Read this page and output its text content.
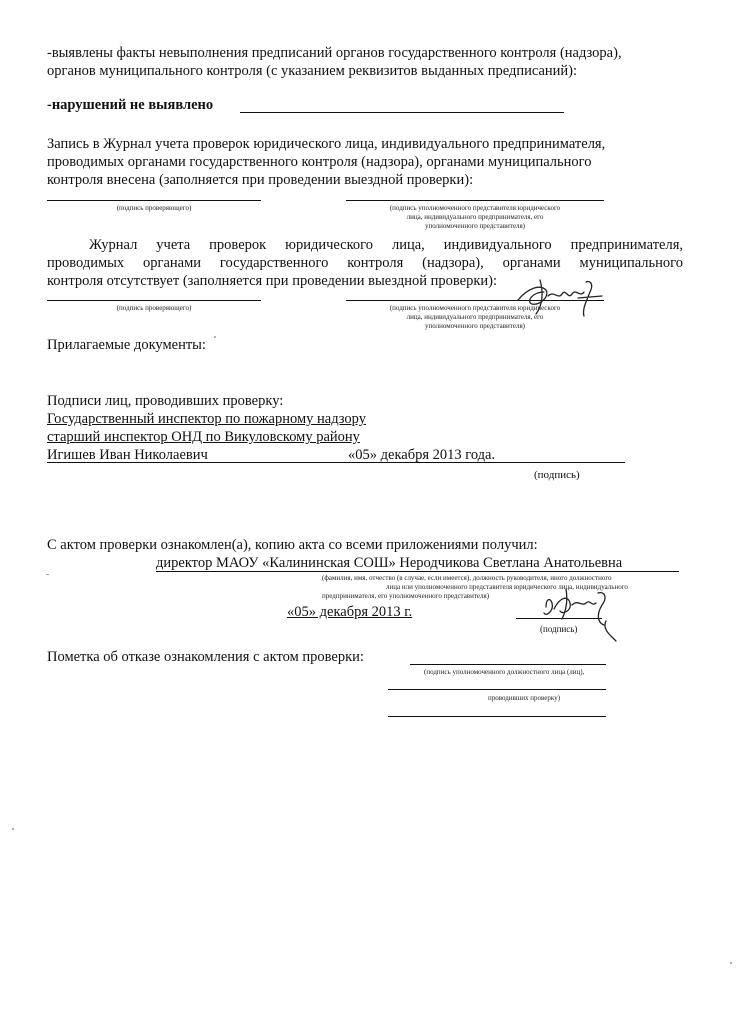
-выявлены факты невыполнения предписаний органов государственного контроля (надзора),
органов муниципального контроля (с указанием реквизитов выданных предписаний):
-нарушений не выявлено
Запись в Журнал учета проверок юридического лица, индивидуального предпринимателя,
проводимых органами государственного контроля (надзора), органами муниципального
контроля внесена (заполняется при проведении выездной проверки):
(подпись проверяющего)	(подпись уполномоченного представителя юридического
лица, индивидуального предпринимателя, его
уполномоченного представителя)
Журнал учета проверок юридического лица, индивидуального предпринимателя,
проводимых органами государственного контроля (надзора), органами муниципального
контроля отсутствует (заполняется при проведении выездной проверки):
(подпись проверяющего)	(подпись уполномоченного представителя юридического
лица, индивидуального предпринимателя, его
уполномоченного представителя)
Прилагаемые документы:
Подписи лиц, проводивших проверку:
Государственный инспектор по пожарному надзору
старший инспектор ОНД по Викуловскому району
Игишев Иван Николаевич	«05» декабря 2013 года.
(подпись)
С актом проверки ознакомлен(а), копию акта со всеми приложениями получил:
директор МАОУ «Калининская СОШ» Неродчикова Светлана Анатольевна
(фамилия, имя, отчество (в случае, если имеется), должность руководителя, иного должностного
лица или уполномоченного представителя юридического лица, индивидуального
предпринимателя, его уполномоченного представителя)
«05» декабря 2013 г.
(подпись)
Пометка об отказе ознакомления с актом проверки:
(подпись уполномоченного должностного лица (лиц),
проводивших проверку)
